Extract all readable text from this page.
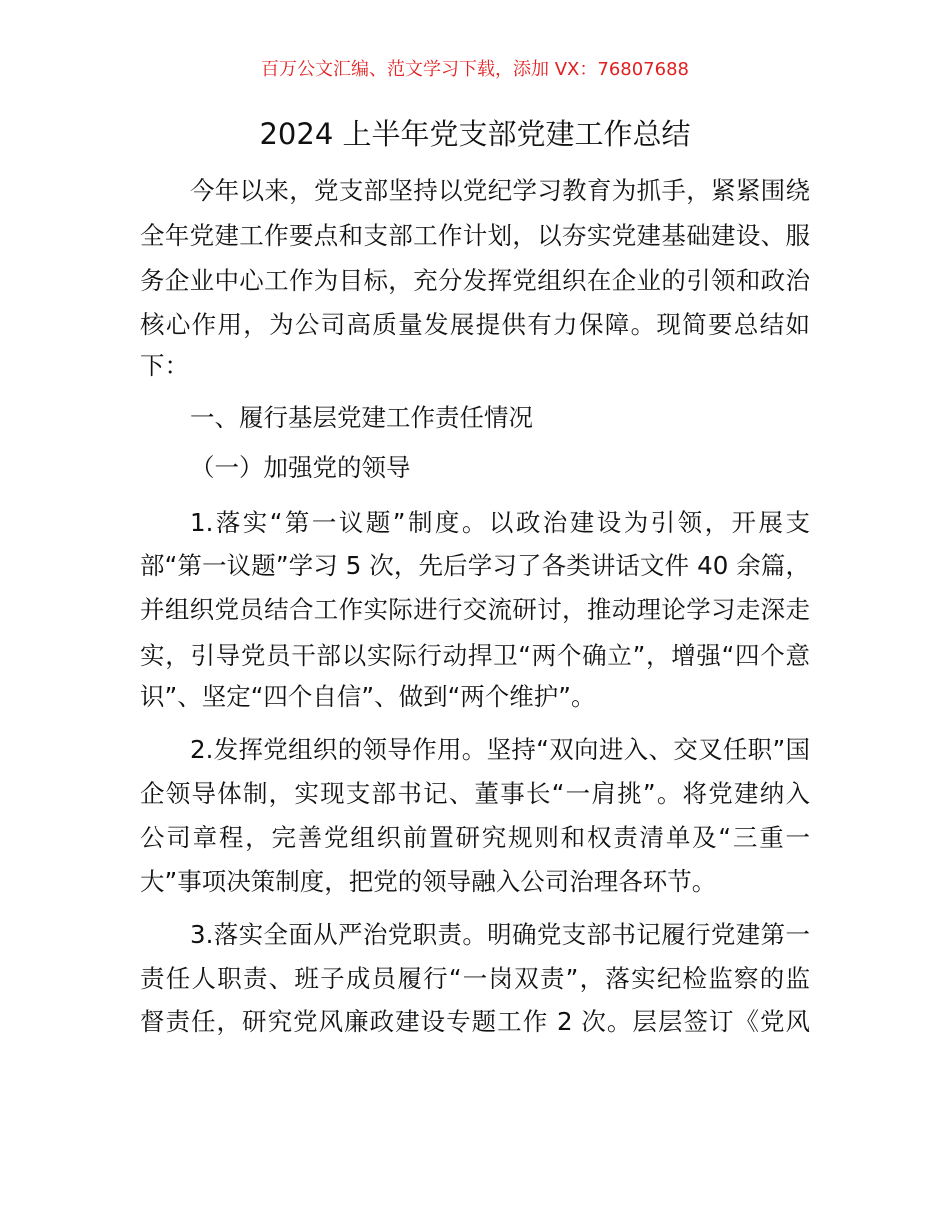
百万公文汇编、范文学习下载，添加 VX：76807688
2024 上半年党支部党建工作总结
今年以来，党支部坚持以党纪学习教育为抓手，紧紧围绕
全年党建工作要点和支部工作计划，以夯实党建基础建设、服
务企业中心工作为目标，充分发挥党组织在企业的引领和政治
核心作用，为公司高质量发展提供有力保障。现简要总结如
下：
一、履行基层党建工作责任情况
（一）加强党的领导
1.落实“第一议题”制度。以政治建设为引领，开展支
部“第一议题”学习 5 次，先后学习了各类讲话文件 40 余篇，
并组织党员结合工作实际进行交流研讨，推动理论学习走深走
实，引导党员干部以实际行动捍卫“两个确立”，增强“四个意
识”、坚定“四个自信”、做到“两个维护”。
2.发挥党组织的领导作用。坚持“双向进入、交叉任职”国
企领导体制，实现支部书记、董事长“一肩挑”。将党建纳入
公司章程，完善党组织前置研究规则和权责清单及“三重一
大”事项决策制度，把党的领导融入公司治理各环节。
3.落实全面从严治党职责。明确党支部书记履行党建第一
责任人职责、班子成员履行“一岗双责”，落实纪检监察的监
督责任，研究党风廉政建设专题工作 2 次。层层签订《党风
